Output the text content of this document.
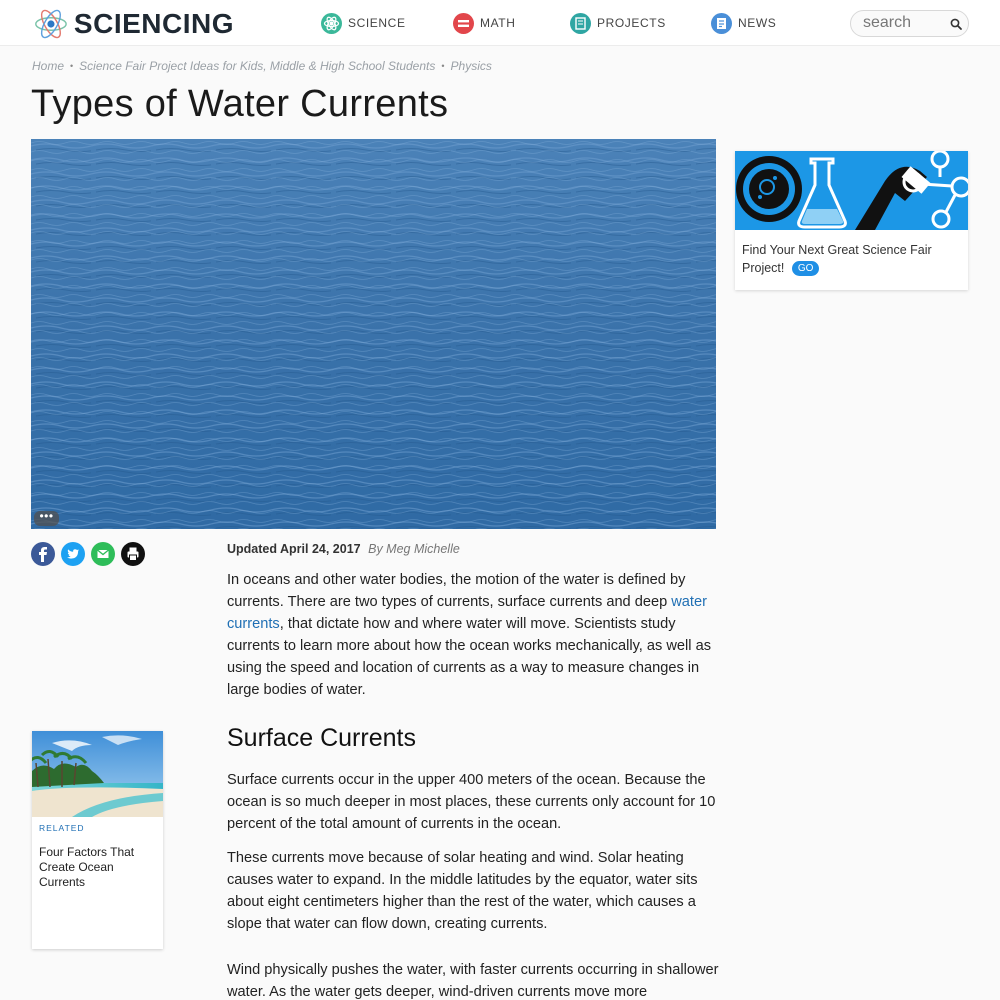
SCIENCING	SCIENCE	MATH	PROJECTS	NEWS
search
Home • Science Fair Project Ideas for Kids, Middle & High School Students • Physics
Types of Water Currents
•••
Find Your Next Great Science Fair Project! GO
Updated April 24, 2017 By Meg Michelle

In oceans and other water bodies, the motion of the water is defined by currents. There are two types of currents, surface currents and deep water currents, that dictate how and where water will move. Scientists study currents to learn more about how the ocean works mechanically, as well as using the speed and location of currents as a way to measure changes in large bodies of water.

Surface Currents

Surface currents occur in the upper 400 meters of the ocean. Because the ocean is so much deeper in most places, these currents only account for 10 percent of the total amount of currents in the ocean.

These currents move because of solar heating and wind. Solar heating causes water to expand. In the middle latitudes by the equator, water sits about eight centimeters higher than the rest of the water, which causes a slope that water can flow down, creating currents.

Wind physically pushes the water, with faster currents occurring in shallower water. As the water gets deeper, wind-driven currents move more

RELATED
Four Factors That Create Ocean Currents
